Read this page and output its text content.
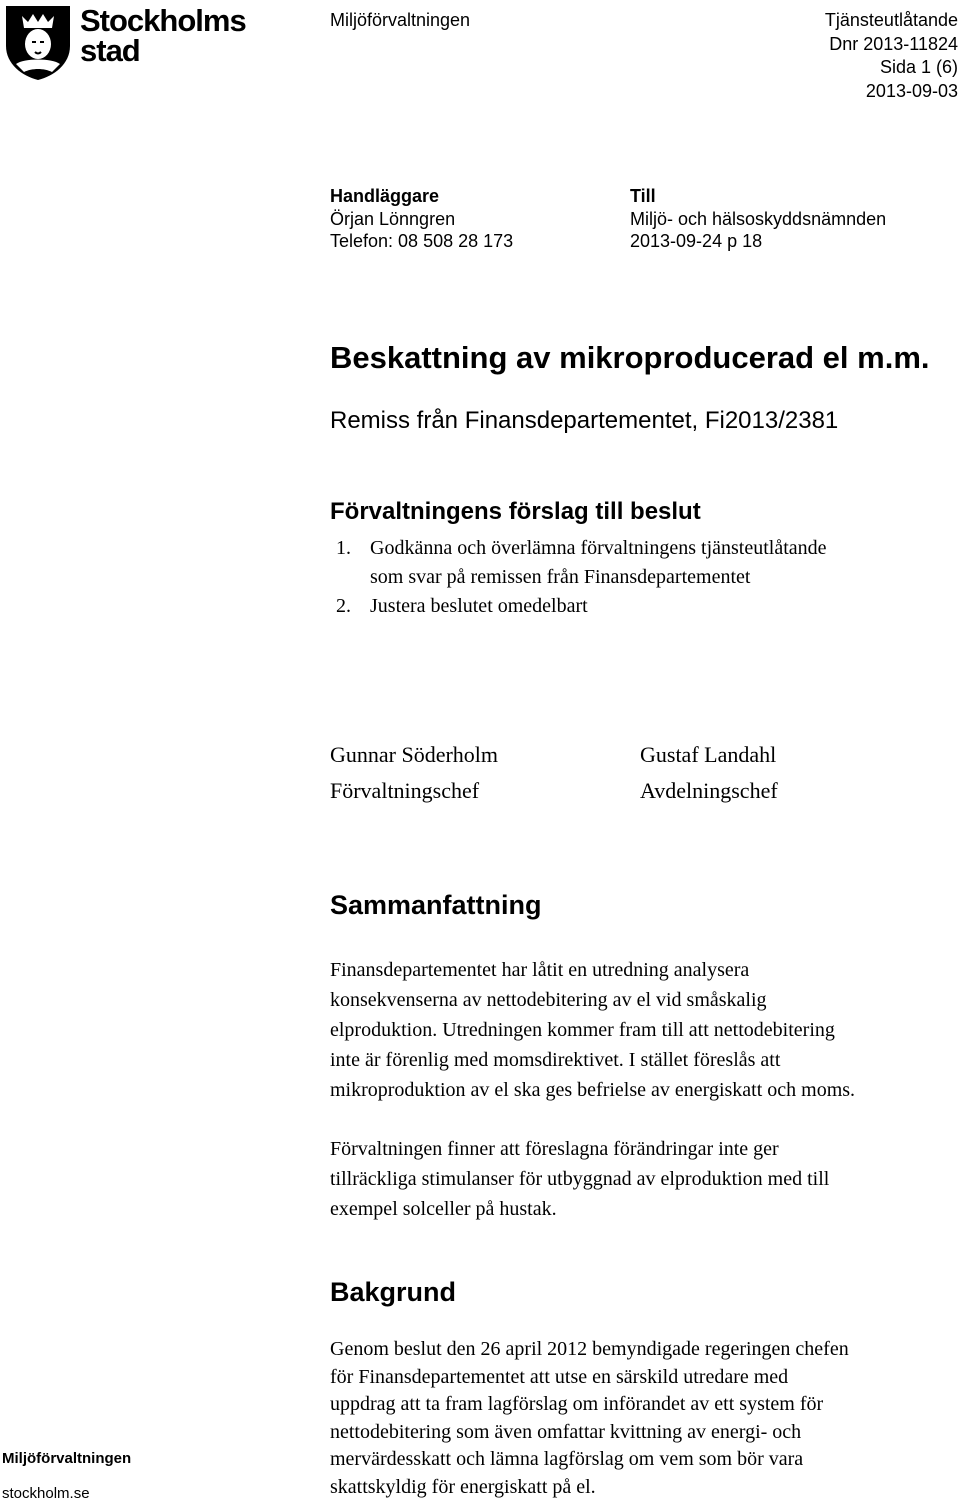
Stockholms
stad
Miljöförvaltningen	Tjänsteutlåtande
Dnr 2013-11824
Sida 1 (6)
2013-09-03
Handläggare
Örjan Lönngren
Telefon: 08 508 28 173
Till
Miljö- och hälsoskyddsnämnden
2013-09-24 p 18
Beskattning av mikroproducerad el m.m.
Remiss från Finansdepartementet, Fi2013/2381
Förvaltningens förslag till beslut
1. Godkänna och överlämna förvaltningens tjänsteutlåtande
som svar på remissen från Finansdepartementet
2. Justera beslutet omedelbart
Gunnar Söderholm
Förvaltningschef
Gustaf Landahl
Avdelningschef
Sammanfattning

Finansdepartementet har låtit en utredning analysera
konsekvenserna av nettodebitering av el vid småskalig
elproduktion. Utredningen kommer fram till att nettodebitering
inte är förenlig med momsdirektivet. I stället föreslås att
mikroproduktion av el ska ges befrielse av energiskatt och moms.

Förvaltningen finner att föreslagna förändringar inte ger
tillräckliga stimulanser för utbyggnad av elproduktion med till
exempel solceller på hustak.

Bakgrund

Genom beslut den 26 april 2012 bemyndigade regeringen chefen
för Finansdepartementet att utse en särskild utredare med
uppdrag att ta fram lagförslag om införandet av ett system för
nettodebitering som även omfattar kvittning av energi- och
mervärdesskatt och lämna lagförslag om vem som bör vara
skattskyldig för energiskatt på el.

Miljöförvaltningen
stockholm.se
